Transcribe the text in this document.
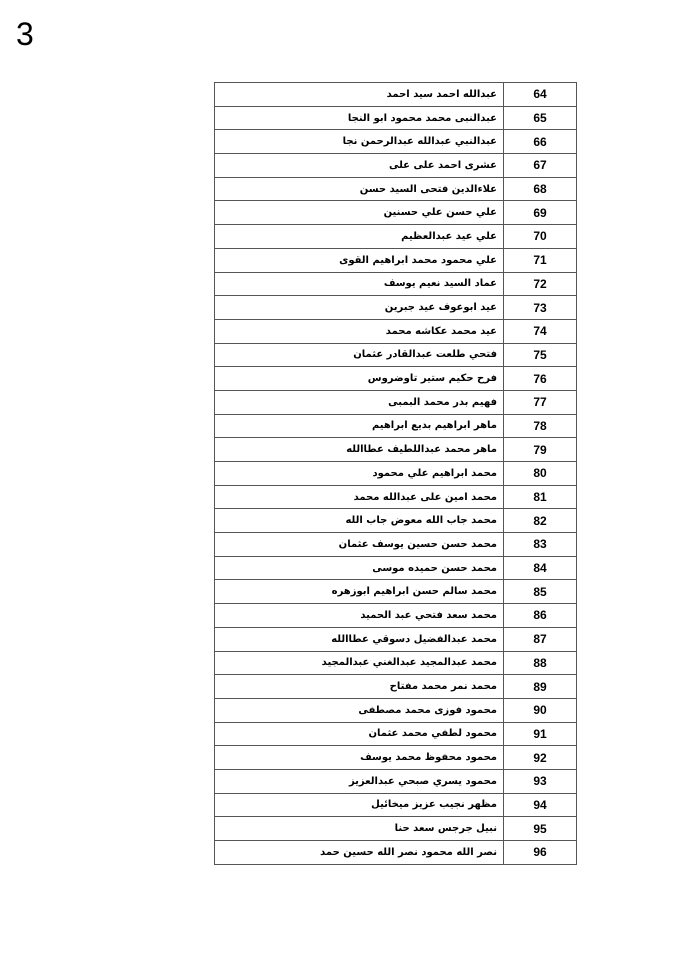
3
عبدالله احمد سيد احمد	64
عبدالنبى محمد محمود ابو النجا	65
عبدالنبي عبدالله عبدالرحمن نجا	66
عشرى احمد على على	67
علاءالدين فتحى السيد حسن	68
علي حسن علي حسنين	69
علي عيد عبدالعظيم	70
علي محمود محمد ابراهيم القوى	71
عماد السيد نعيم يوسف	72
عيد ابوعوف عيد جبرين	73
عيد محمد عكاشه محمد	74
فتحي طلعت عبدالقادر عثمان	75
فرح حكيم ستير تاوضروس	76
فهيم بدر محمد البمبى	77
ماهر ابراهيم بديع ابراهيم	78
ماهر محمد عبداللطيف عطاالله	79
محمد ابراهيم علي محمود	80
محمد امين على عبدالله محمد	81
محمد جاب الله معوض جاب الله	82
محمد حسن حسين يوسف عثمان	83
محمد حسن حميده موسى	84
محمد سالم حسن ابراهيم ابوزهره	85
محمد سعد فتحي عبد الحميد	86
محمد عبدالفضيل دسوقي عطاالله	87
محمد عبدالمجيد عبدالغني عبدالمجيد	88
محمد نمر محمد مفتاح	89
محمود فوزى محمد مصطفى	90
محمود لطفي محمد عثمان	91
محمود محفوظ محمد يوسف	92
محمود يسري صبحي عبدالعزيز	93
مظهر نجيب عزيز ميخائيل	94
نبيل جرجس سعد حنا	95
نصر الله محمود نصر الله حسين حمد	96
